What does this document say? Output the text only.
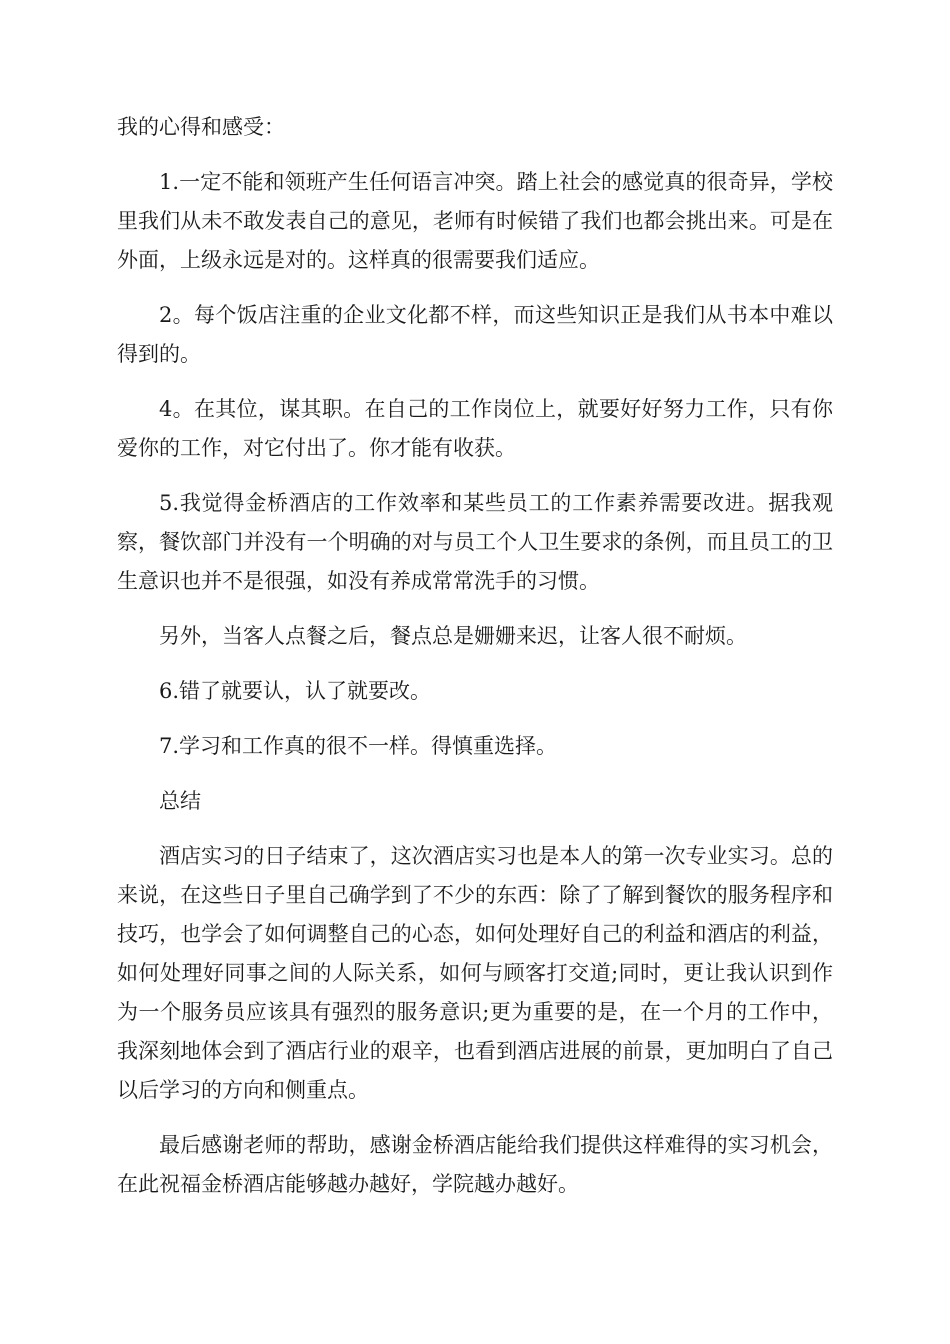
我的心得和感受：

1.一定不能和领班产生任何语言冲突。踏上社会的感觉真的很奇异，学校里我们从未不敢发表自己的意见，老师有时候错了我们也都会挑出来。可是在外面，上级永远是对的。这样真的很需要我们适应。

2。每个饭店注重的企业文化都不样，而这些知识正是我们从书本中难以得到的。

4。在其位，谋其职。在自己的工作岗位上，就要好好努力工作，只有你爱你的工作，对它付出了。你才能有收获。

5.我觉得金桥酒店的工作效率和某些员工的工作素养需要改进。据我观察，餐饮部门并没有一个明确的对与员工个人卫生要求的条例，而且员工的卫生意识也并不是很强，如没有养成常常洗手的习惯。

另外，当客人点餐之后，餐点总是姗姗来迟，让客人很不耐烦。

6.错了就要认，认了就要改。

7.学习和工作真的很不一样。得慎重选择。

总结

酒店实习的日子结束了，这次酒店实习也是本人的第一次专业实习。总的来说，在这些日子里自己确学到了不少的东西：除了了解到餐饮的服务程序和技巧，也学会了如何调整自己的心态，如何处理好自己的利益和酒店的利益，如何处理好同事之间的人际关系，如何与顾客打交道;同时，更让我认识到作为一个服务员应该具有强烈的服务意识;更为重要的是，在一个月的工作中，我深刻地体会到了酒店行业的艰辛，也看到酒店进展的前景，更加明白了自己以后学习的方向和侧重点。

最后感谢老师的帮助，感谢金桥酒店能给我们提供这样难得的实习机会，在此祝福金桥酒店能够越办越好，学院越办越好。
